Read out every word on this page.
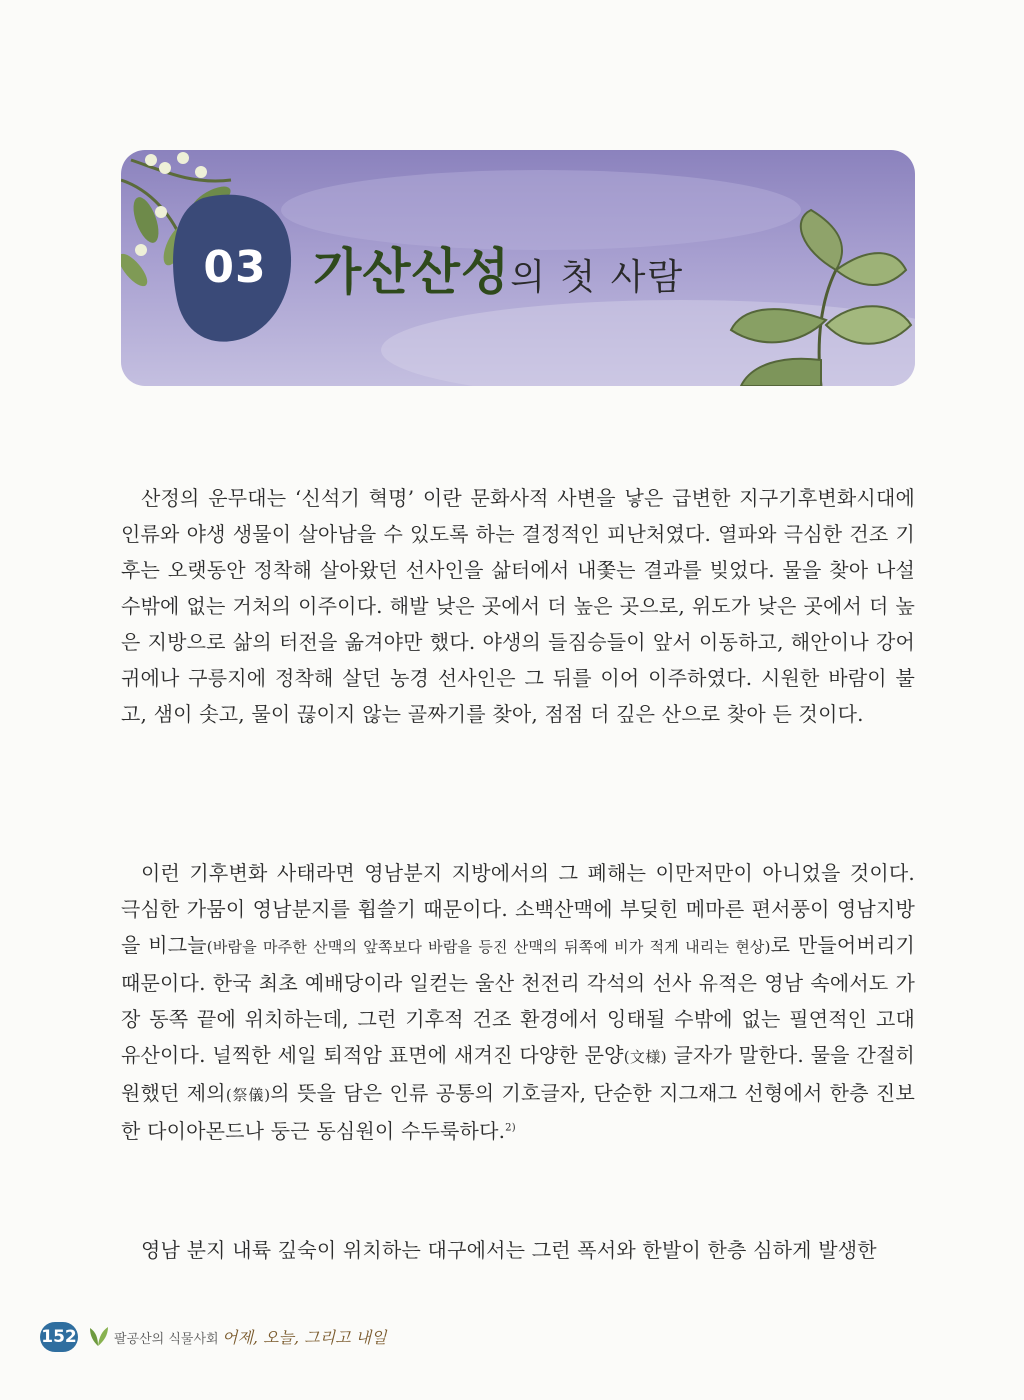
03 가산산성의 첫 사람

산정의 운무대는 ‘신석기 혁명’ 이란 문화사적 사변을 낳은 급변한 지구기후변화시대에 인류와 야생 생물이 살아남을 수 있도록 하는 결정적인 피난처였다. 열파와 극심한 건조 기후는 오랫동안 정착해 살아왔던 선사인을 삶터에서 내쫓는 결과를 빚었다. 물을 찾아 나설 수밖에 없는 거처의 이주이다. 해발 낮은 곳에서 더 높은 곳으로, 위도가 낮은 곳에서 더 높은 지방으로 삶의 터전을 옮겨야만 했다. 야생의 들짐승들이 앞서 이동하고, 해안이나 강어귀에나 구릉지에 정착해 살던 농경 선사인은 그 뒤를 이어 이주하였다. 시원한 바람이 불고, 샘이 솟고, 물이 끊이지 않는 골짜기를 찾아, 점점 더 깊은 산으로 찾아 든 것이다.

이런 기후변화 사태라면 영남분지 지방에서의 그 폐해는 이만저만이 아니었을 것이다. 극심한 가뭄이 영남분지를 휩쓸기 때문이다. 소백산맥에 부딪힌 메마른 편서풍이 영남지방을 비그늘(바람을 마주한 산맥의 앞쪽보다 바람을 등진 산맥의 뒤쪽에 비가 적게 내리는 현상)로 만들어버리기 때문이다. 한국 최초 예배당이라 일컫는 울산 천전리 각석의 선사 유적은 영남 속에서도 가장 동쪽 끝에 위치하는데, 그런 기후적 건조 환경에서 잉태될 수밖에 없는 필연적인 고대 유산이다. 널찍한 세일 퇴적암 표면에 새겨진 다양한 문양(文様) 글자가 말한다. 물을 간절히 원했던 제의(祭儀)의 뜻을 담은 인류 공통의 기호글자, 단순한 지그재그 선형에서 한층 진보한 다이아몬드나 둥근 동심원이 수두룩하다.$^{2)}$

영남 분지 내륙 깊숙이 위치하는 대구에서는 그런 폭서와 한발이 한층 심하게 발생한

152	팔공산의 식물사회 어제, 오늘, 그리고 내일
